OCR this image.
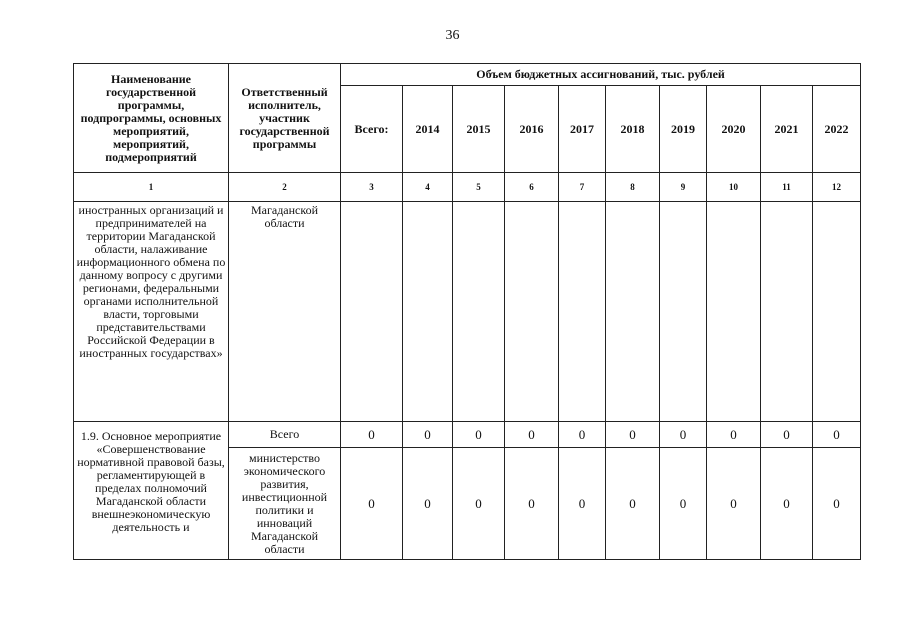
36
Наименование государственной программы, подпрограммы, основных мероприятий, мероприятий, подмероприятий	Ответственный исполнитель, участник государственной программы	Объем бюджетных ассигнований, тыс. рублей									
		Всего:	2014	2015	2016	2017	2018	2019	2020	2021	2022
1	2	3	4	5	6	7	8	9	10	11	12

иностранных организаций и предпринимателей на территории Магаданской области, налаживание информационного обмена по данному вопросу с другими регионами, федеральными органами исполнительной власти, торговыми представительствами Российской Федерации в иностранных государствах»	Магаданской области										

1.9. Основное мероприятие «Совершенствование нормативной правовой базы, регламентирующей в пределах полномочий Магаданской области внешнеэкономическую деятельность и	Всего	0	0	0	0	0	0	0	0	0	0

	министерство экономического развития, инвестиционной политики и инноваций Магаданской области	0	0	0	0	0	0	0	0	0	0
